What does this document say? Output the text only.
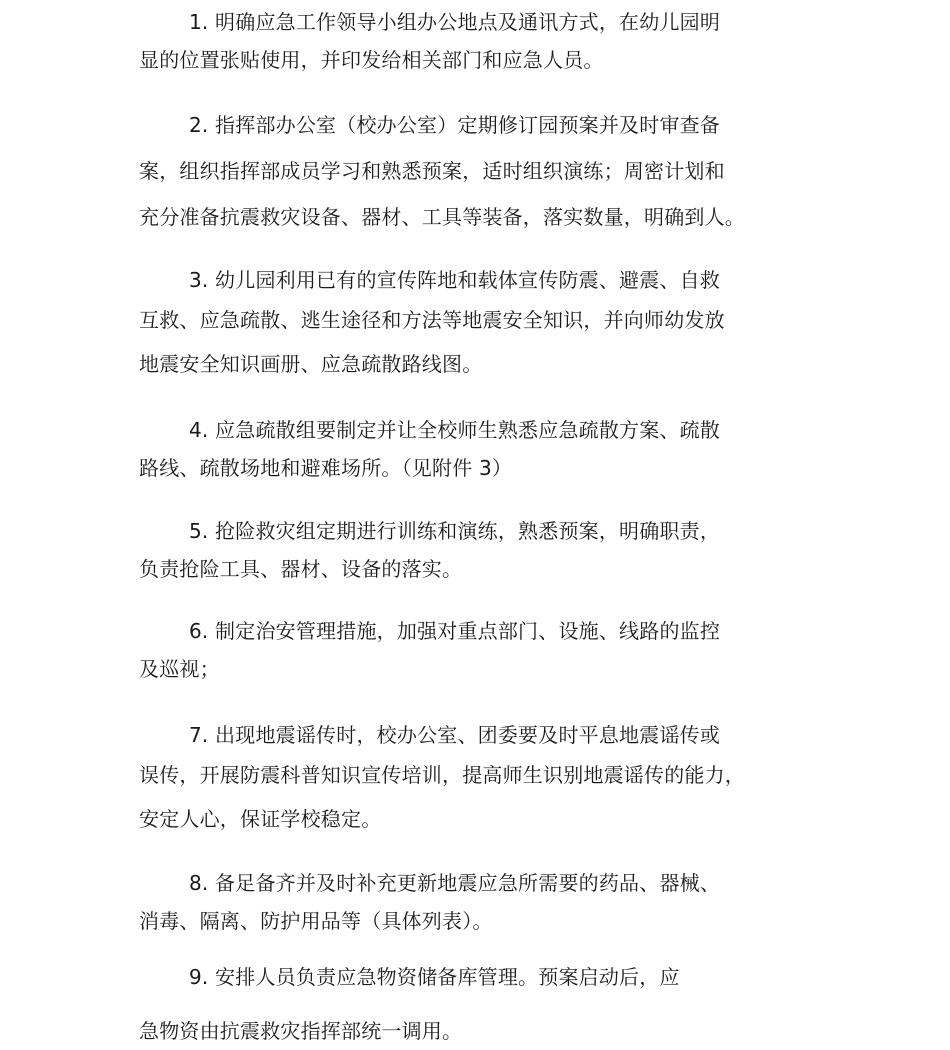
1. 明确应急工作领导小组办公地点及通讯方式，在幼儿园明
显的位置张贴使用，并印发给相关部门和应急人员。
2. 指挥部办公室（校办公室）定期修订园预案并及时审查备
案，组织指挥部成员学习和熟悉预案，适时组织演练；周密计划和
充分准备抗震救灾设备、器材、工具等装备，落实数量，明确到人。
3. 幼儿园利用已有的宣传阵地和载体宣传防震、避震、自救
互救、应急疏散、逃生途径和方法等地震安全知识，并向师幼发放
地震安全知识画册、应急疏散路线图。
4. 应急疏散组要制定并让全校师生熟悉应急疏散方案、疏散
路线、疏散场地和避难场所。（见附件 3）
5. 抢险救灾组定期进行训练和演练，熟悉预案，明确职责，
负责抢险工具、器材、设备的落实。
6. 制定治安管理措施，加强对重点部门、设施、线路的监控
及巡视；
7. 出现地震谣传时，校办公室、团委要及时平息地震谣传或
误传，开展防震科普知识宣传培训，提高师生识别地震谣传的能力，
安定人心，保证学校稳定。
8. 备足备齐并及时补充更新地震应急所需要的药品、器械、
消毒、隔离、防护用品等（具体列表）。
9. 安排人员负责应急物资储备库管理。预案启动后，应
急物资由抗震救灾指挥部统一调用。
